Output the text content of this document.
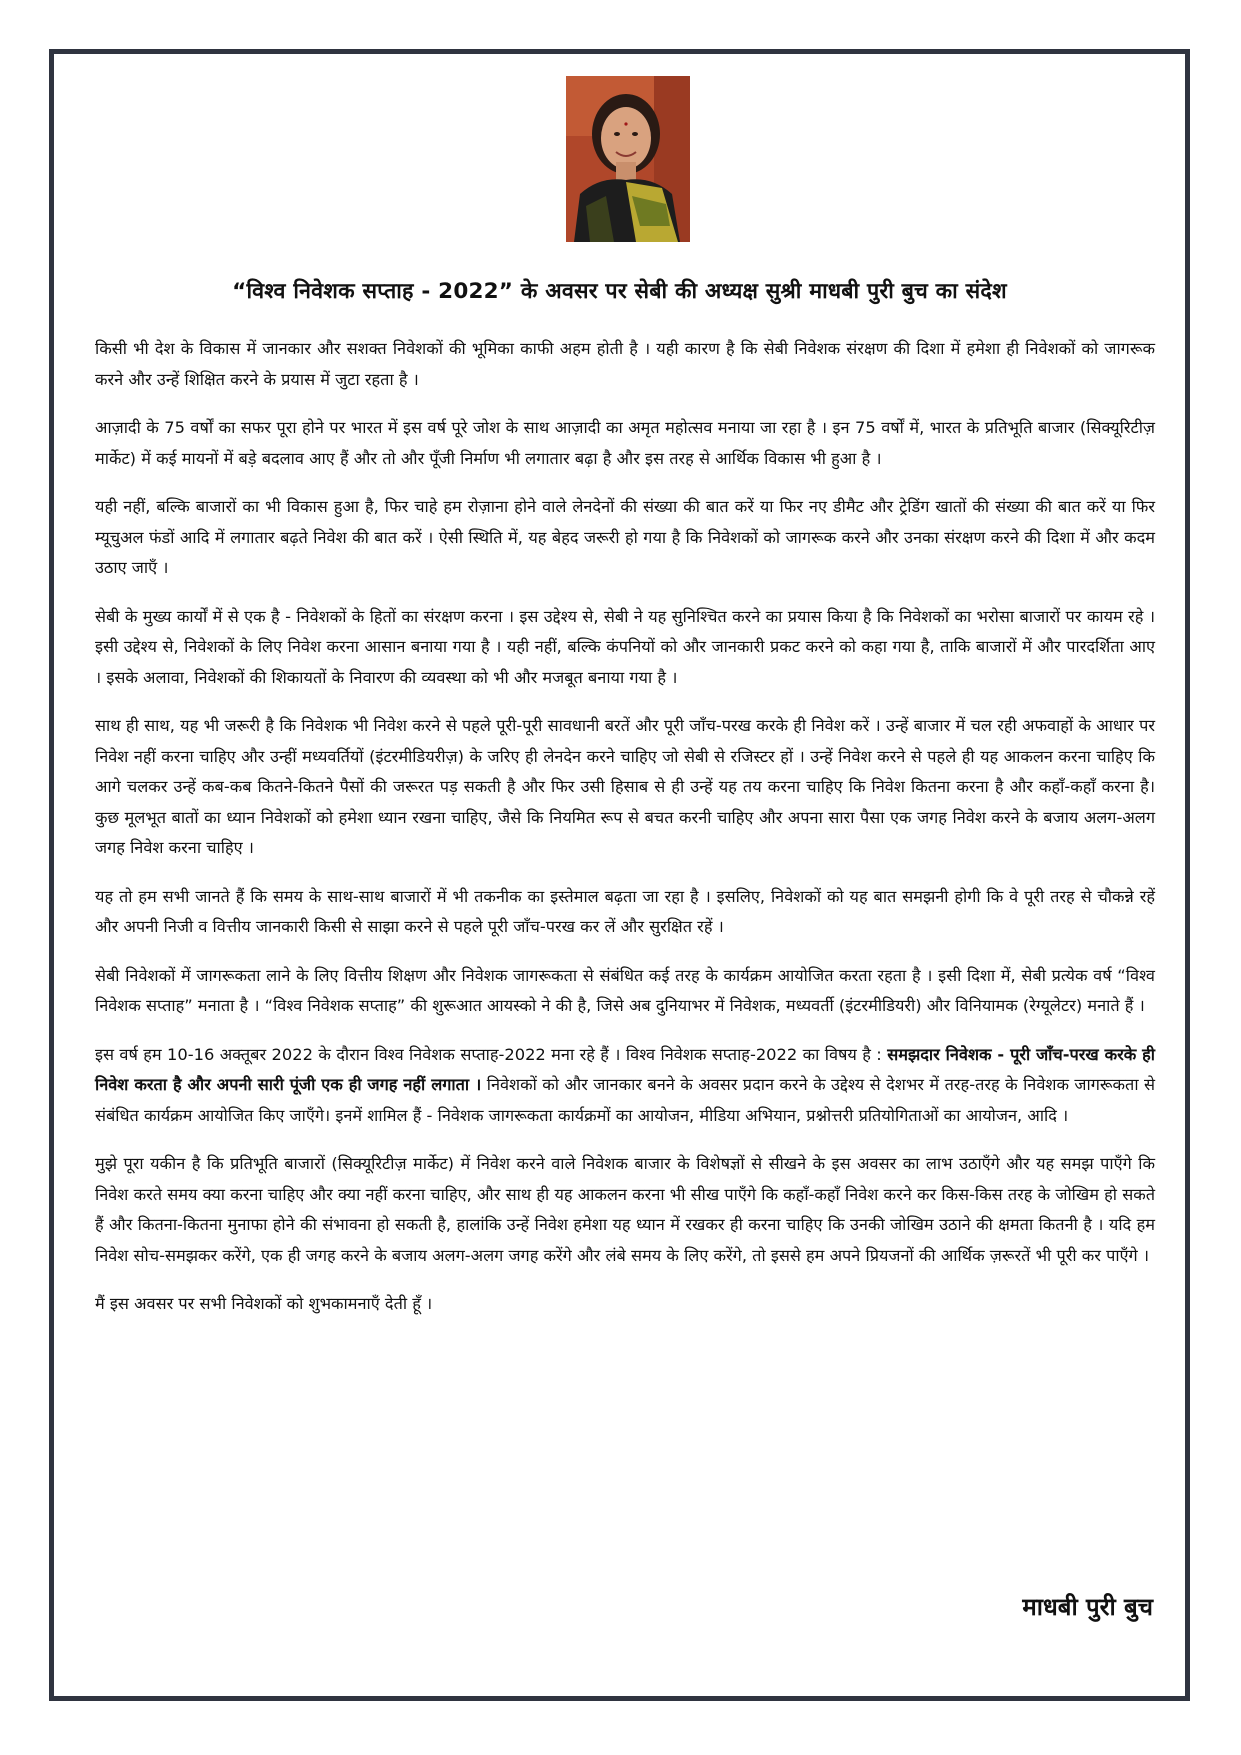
“विश्व निवेशक सप्ताह - 2022” के अवसर पर सेबी की अध्यक्ष सुश्री माधबी पुरी बुच का संदेश

किसी भी देश के विकास में जानकार और सशक्त निवेशकों की भूमिका काफी अहम होती है । यही कारण है कि सेबी निवेशक संरक्षण की दिशा में हमेशा ही निवेशकों को जागरूक करने और उन्हें शिक्षित करने के प्रयास में जुटा रहता है ।

आज़ादी के 75 वर्षों का सफर पूरा होने पर भारत में इस वर्ष पूरे जोश के साथ आज़ादी का अमृत महोत्सव मनाया जा रहा है । इन 75 वर्षों में, भारत के प्रतिभूति बाजार (सिक्यूरिटीज़ मार्केट) में कई मायनों में बड़े बदलाव आए हैं और तो और पूँजी निर्माण भी लगातार बढ़ा है और इस तरह से आर्थिक विकास भी हुआ है ।

यही नहीं, बल्कि बाजारों का भी विकास हुआ है, फिर चाहे हम रोज़ाना होने वाले लेनदेनों की संख्या की बात करें या फिर नए डीमैट और ट्रेडिंग खातों की संख्या की बात करें या फिर म्यूचुअल फंडों आदि में लगातार बढ़ते निवेश की बात करें । ऐसी स्थिति में, यह बेहद जरूरी हो गया है कि निवेशकों को जागरूक करने और उनका संरक्षण करने की दिशा में और कदम उठाए जाएँ ।

सेबी के मुख्य कार्यों में से एक है - निवेशकों के हितों का संरक्षण करना । इस उद्देश्य से, सेबी ने यह सुनिश्चित करने का प्रयास किया है कि निवेशकों का भरोसा बाजारों पर कायम रहे । इसी उद्देश्य से, निवेशकों के लिए निवेश करना आसान बनाया गया है । यही नहीं, बल्कि कंपनियों को और जानकारी प्रकट करने को कहा गया है, ताकि बाजारों में और पारदर्शिता आए । इसके अलावा, निवेशकों की शिकायतों के निवारण की व्यवस्था को भी और मजबूत बनाया गया है ।

साथ ही साथ, यह भी जरूरी है कि निवेशक भी निवेश करने से पहले पूरी-पूरी सावधानी बरतें और पूरी जाँच-परख करके ही निवेश करें । उन्हें बाजार में चल रही अफवाहों के आधार पर निवेश नहीं करना चाहिए और उन्हीं मध्यवर्तियों (इंटरमीडियरीज़) के जरिए ही लेनदेन करने चाहिए जो सेबी से रजिस्टर हों । उन्हें निवेश करने से पहले ही यह आकलन करना चाहिए कि आगे चलकर उन्हें कब-कब कितने-कितने पैसों की जरूरत पड़ सकती है और फिर उसी हिसाब से ही उन्हें यह तय करना चाहिए कि निवेश कितना करना है और कहाँ-कहाँ करना है। कुछ मूलभूत बातों का ध्यान निवेशकों को हमेशा ध्यान रखना चाहिए, जैसे कि नियमित रूप से बचत करनी चाहिए और अपना सारा पैसा एक जगह निवेश करने के बजाय अलग-अलग जगह निवेश करना चाहिए ।

यह तो हम सभी जानते हैं कि समय के साथ-साथ बाजारों में भी तकनीक का इस्तेमाल बढ़ता जा रहा है । इसलिए, निवेशकों को यह बात समझनी होगी कि वे पूरी तरह से चौकन्ने रहें और अपनी निजी व वित्तीय जानकारी किसी से साझा करने से पहले पूरी जाँच-परख कर लें और सुरक्षित रहें ।

सेबी निवेशकों में जागरूकता लाने के लिए वित्तीय शिक्षण और निवेशक जागरूकता से संबंधित कई तरह के कार्यक्रम आयोजित करता रहता है । इसी दिशा में, सेबी प्रत्येक वर्ष “विश्व निवेशक सप्ताह” मनाता है । “विश्व निवेशक सप्ताह” की शुरूआत आयस्को ने की है, जिसे अब दुनियाभर में निवेशक, मध्यवर्ती (इंटरमीडियरी) और विनियामक (रेग्यूलेटर) मनाते हैं ।

इस वर्ष हम 10-16 अक्तूबर 2022 के दौरान विश्व निवेशक सप्ताह-2022 मना रहे हैं । विश्व निवेशक सप्ताह-2022 का विषय है : समझदार निवेशक - पूरी जाँच-परख करके ही निवेश करता है और अपनी सारी पूंजी एक ही जगह नहीं लगाता । निवेशकों को और जानकार बनने के अवसर प्रदान करने के उद्देश्य से देशभर में तरह-तरह के निवेशक जागरूकता से संबंधित कार्यक्रम आयोजित किए जाएँगे। इनमें शामिल हैं - निवेशक जागरूकता कार्यक्रमों का आयोजन, मीडिया अभियान, प्रश्नोत्तरी प्रतियोगिताओं का आयोजन, आदि ।

मुझे पूरा यकीन है कि प्रतिभूति बाजारों (सिक्यूरिटीज़ मार्केट) में निवेश करने वाले निवेशक बाजार के विशेषज्ञों से सीखने के इस अवसर का लाभ उठाएँगे और यह समझ पाएँगे कि निवेश करते समय क्या करना चाहिए और क्या नहीं करना चाहिए, और साथ ही यह आकलन करना भी सीख पाएँगे कि कहाँ-कहाँ निवेश करने कर किस-किस तरह के जोखिम हो सकते हैं और कितना-कितना मुनाफा होने की संभावना हो सकती है, हालांकि उन्हें निवेश हमेशा यह ध्यान में रखकर ही करना चाहिए कि उनकी जोखिम उठाने की क्षमता कितनी है । यदि हम निवेश सोच-समझकर करेंगे, एक ही जगह करने के बजाय अलग-अलग जगह करेंगे और लंबे समय के लिए करेंगे, तो इससे हम अपने प्रियजनों की आर्थिक ज़रूरतें भी पूरी कर पाएँगे ।

मैं इस अवसर पर सभी निवेशकों को शुभकामनाएँ देती हूँ ।

माधबी पुरी बुच
